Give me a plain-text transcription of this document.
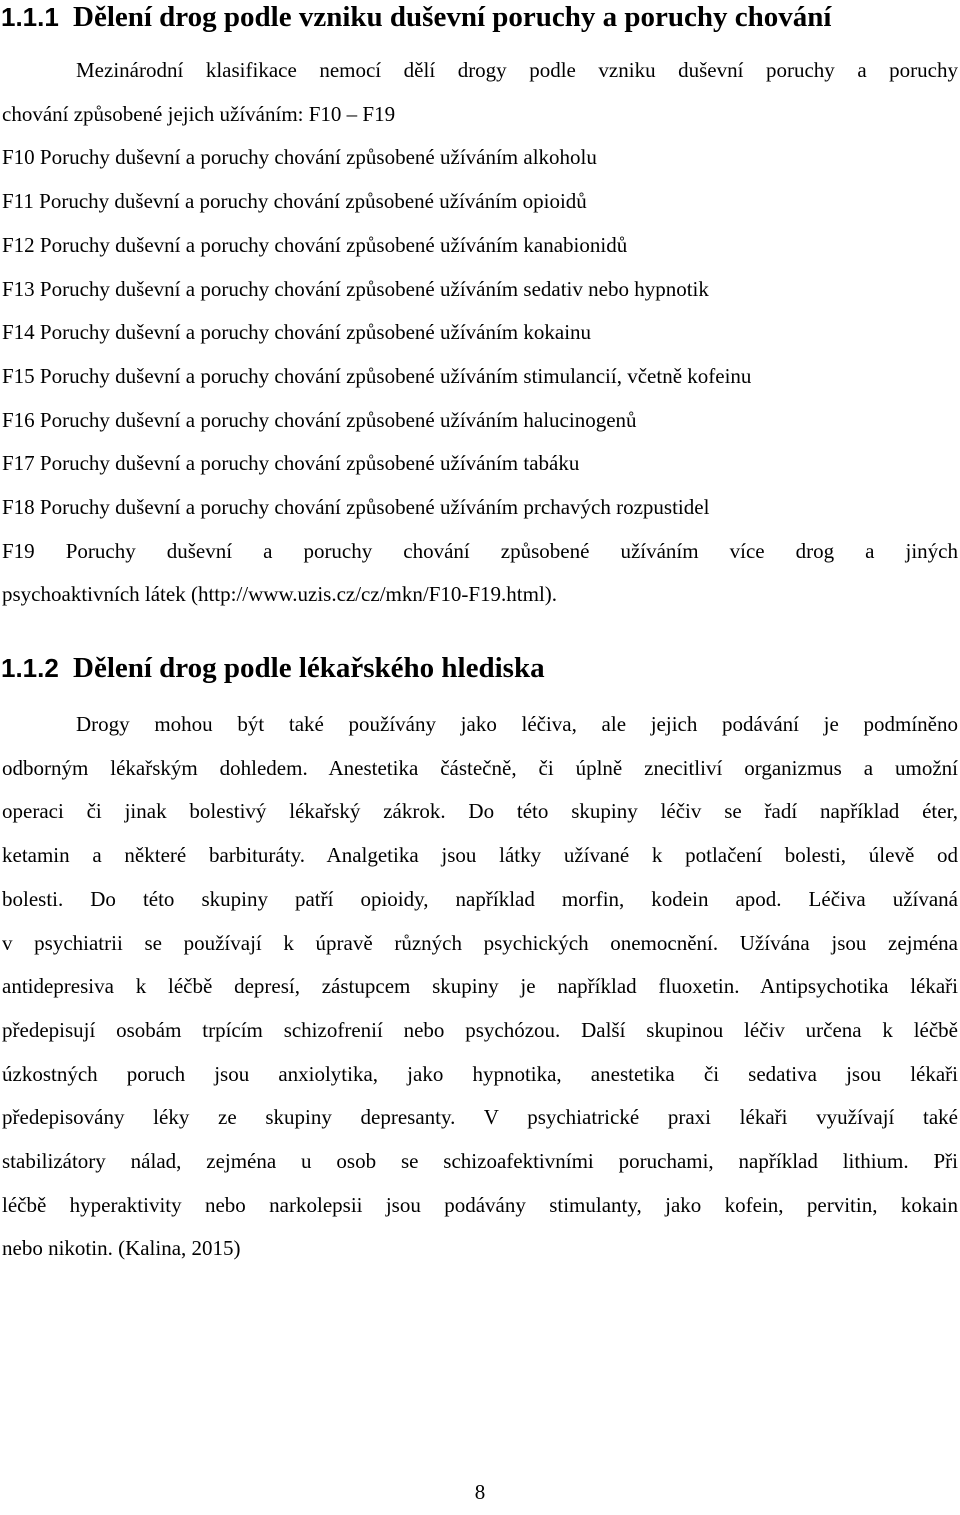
1.1.1 Dělení drog podle vzniku duševní poruchy a poruchy chování
Mezinárodní klasifikace nemocí dělí drogy podle vzniku duševní poruchy a poruchy
chování způsobené jejich užíváním: F10 – F19
F10 Poruchy duševní a poruchy chování způsobené užíváním alkoholu
F11 Poruchy duševní a poruchy chování způsobené užíváním opioidů
F12 Poruchy duševní a poruchy chování způsobené užíváním kanabionidů
F13 Poruchy duševní a poruchy chování způsobené užíváním sedativ nebo hypnotik
F14 Poruchy duševní a poruchy chování způsobené užíváním kokainu
F15 Poruchy duševní a poruchy chování způsobené užíváním stimulancií, včetně kofeinu
F16 Poruchy duševní a poruchy chování způsobené užíváním halucinogenů
F17 Poruchy duševní a poruchy chování způsobené užíváním tabáku
F18 Poruchy duševní a poruchy chování způsobené užíváním prchavých rozpustidel
F19 Poruchy duševní a poruchy chování způsobené užíváním více drog a jiných
psychoaktivních látek (http://www.uzis.cz/cz/mkn/F10-F19.html).
1.1.2 Dělení drog podle lékařského hlediska
Drogy mohou být také používány jako léčiva, ale jejich podávání je podmíněno
odborným lékařským dohledem. Anestetika částečně, či úplně znecitliví organizmus a umožní
operaci či jinak bolestivý lékařský zákrok. Do této skupiny léčiv se řadí například éter,
ketamin a některé barbituráty. Analgetika jsou látky užívané k potlačení bolesti, úlevě od
bolesti. Do této skupiny patří opioidy, například morfin, kodein apod. Léčiva užívaná
v psychiatrii se používají k úpravě různých psychických onemocnění. Užívána jsou zejména
antidepresiva k léčbě depresí, zástupcem skupiny je například fluoxetin. Antipsychotika lékaři
předepisují osobám trpícím schizofrenií nebo psychózou. Další skupinou léčiv určena k léčbě
úzkostných poruch jsou anxiolytika, jako hypnotika, anestetika či sedativa jsou lékaři
předepisovány léky ze skupiny depresanty. V psychiatrické praxi lékaři využívají také
stabilizátory nálad, zejména u osob se schizoafektivními poruchami, například lithium. Při
léčbě hyperaktivity nebo narkolepsii jsou podávány stimulanty, jako kofein, pervitin, kokain
nebo nikotin. (Kalina, 2015)
8
